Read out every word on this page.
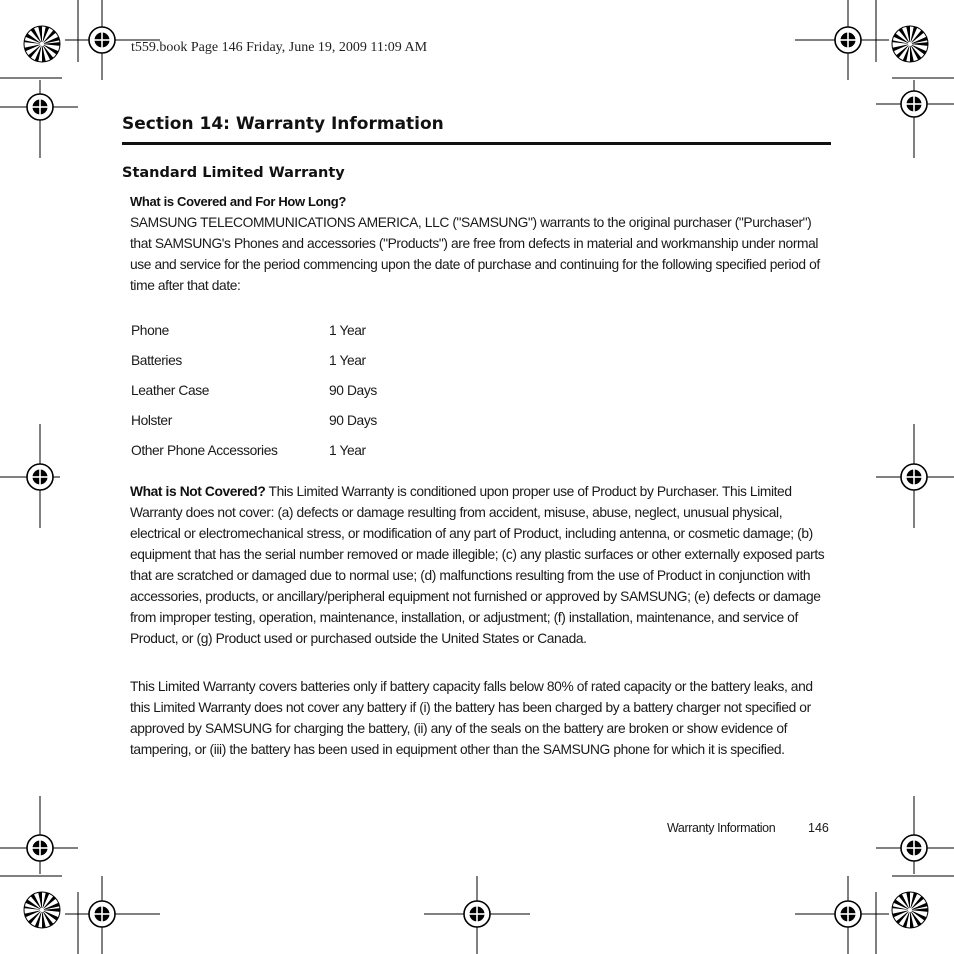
t559.book Page 146 Friday, June 19, 2009 11:09 AM
Section 14: Warranty Information
Standard Limited Warranty
What is Covered and For How Long?

SAMSUNG TELECOMMUNICATIONS AMERICA, LLC ("SAMSUNG") warrants to the original purchaser ("Purchaser") that SAMSUNG's Phones and accessories ("Products") are free from defects in material and workmanship under normal use and service for the period commencing upon the date of purchase and continuing for the following specified period of time after that date:

Phone	1 Year
Batteries	1 Year
Leather Case	90 Days
Holster	90 Days
Other Phone Accessories	1 Year

What is Not Covered? This Limited Warranty is conditioned upon proper use of Product by Purchaser. This Limited Warranty does not cover: (a) defects or damage resulting from accident, misuse, abuse, neglect, unusual physical, electrical or electromechanical stress, or modification of any part of Product, including antenna, or cosmetic damage; (b) equipment that has the serial number removed or made illegible; (c) any plastic surfaces or other externally exposed parts that are scratched or damaged due to normal use; (d) malfunctions resulting from the use of Product in conjunction with accessories, products, or ancillary/peripheral equipment not furnished or approved by SAMSUNG; (e) defects or damage from improper testing, operation, maintenance, installation, or adjustment; (f) installation, maintenance, and service of Product, or (g) Product used or purchased outside the United States or Canada.

This Limited Warranty covers batteries only if battery capacity falls below 80% of rated capacity or the battery leaks, and this Limited Warranty does not cover any battery if (i) the battery has been charged by a battery charger not specified or approved by SAMSUNG for charging the battery, (ii) any of the seals on the battery are broken or show evidence of tampering, or (iii) the battery has been used in equipment other than the SAMSUNG phone for which it is specified.

Warranty Information	146
